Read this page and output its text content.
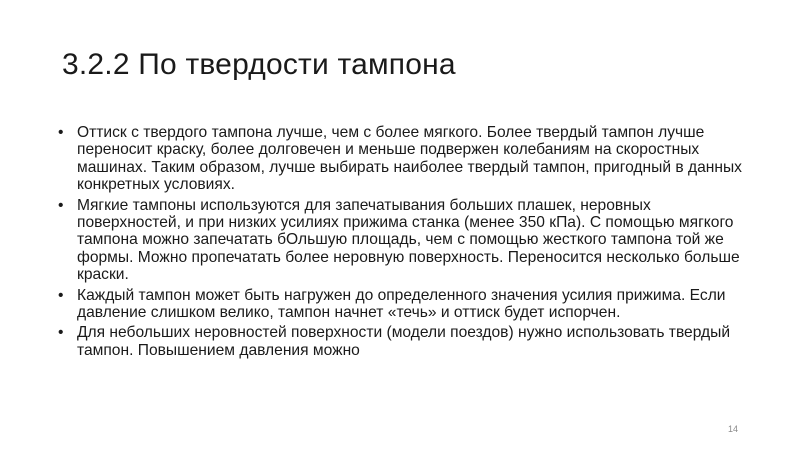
3.2.2 По твердости тампона
• Оттиск с твердого тампона лучше, чем с более мягкого. Более твердый тампон лучше переносит краску, более долговечен и меньше подвержен колебаниям на скоростных машинах. Таким образом, лучше выбирать наиболее твердый тампон, пригодный в данных конкретных условиях.
• Мягкие тампоны используются для запечатывания больших плашек, неровных поверхностей, и при низких усилиях прижима станка (менее 350 кПа). С помощью мягкого тампона можно запечатать бОльшую площадь, чем с помощью жесткого тампона той же формы. Можно пропечатать более неровную поверхность. Переносится несколько больше краски.
• Каждый тампон может быть нагружен до определенного значения усилия прижима. Если давление слишком велико, тампон начнет «течь» и оттиск будет испорчен.
• Для небольших неровностей поверхности (модели поездов) нужно использовать твердый тампон. Повышением давления можно
14
